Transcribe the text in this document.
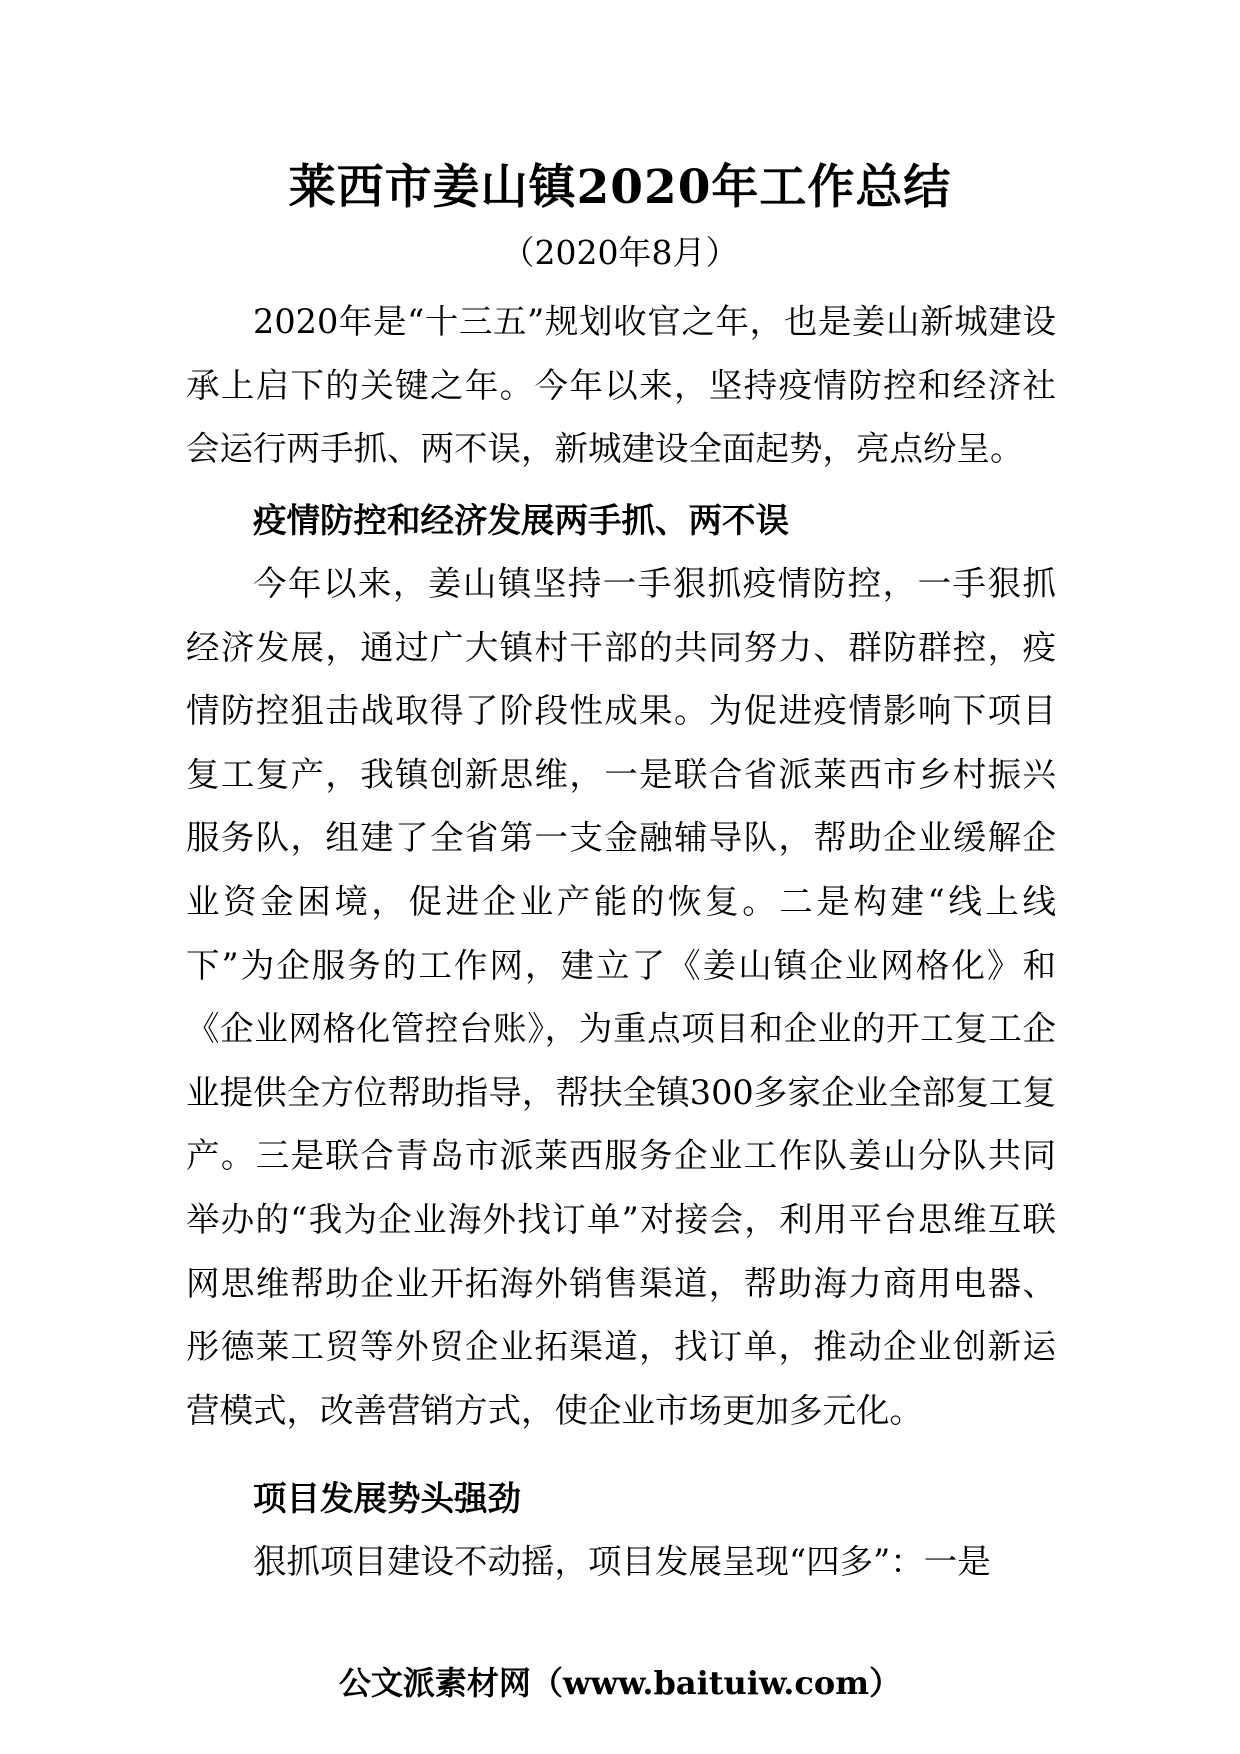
莱西市姜山镇2020年工作总结

（2020年8月）

2020年是“十三五”规划收官之年，也是姜山新城建设承上启下的关键之年。今年以来，坚持疫情防控和经济社会运行两手抓、两不误，新城建设全面起势，亮点纷呈。

疫情防控和经济发展两手抓、两不误

今年以来，姜山镇坚持一手狠抓疫情防控，一手狠抓经济发展，通过广大镇村干部的共同努力、群防群控，疫情防控狙击战取得了阶段性成果。为促进疫情影响下项目复工复产，我镇创新思维，一是联合省派莱西市乡村振兴服务队，组建了全省第一支金融辅导队，帮助企业缓解企业资金困境，促进企业产能的恢复。二是构建“线上线下”为企服务的工作网，建立了《姜山镇企业网格化》和《企业网格化管控台账》，为重点项目和企业的开工复工企业提供全方位帮助指导，帮扶全镇300多家企业全部复工复产。三是联合青岛市派莱西服务企业工作队姜山分队共同举办的“我为企业海外找订单”对接会，利用平台思维互联网思维帮助企业开拓海外销售渠道，帮助海力商用电器、彤德莱工贸等外贸企业拓渠道，找订单，推动企业创新运营模式，改善营销方式，使企业市场更加多元化。

项目发展势头强劲

狠抓项目建设不动摇，项目发展呈现“四多”：一是

公文派素材网（www.baituiw.com）
